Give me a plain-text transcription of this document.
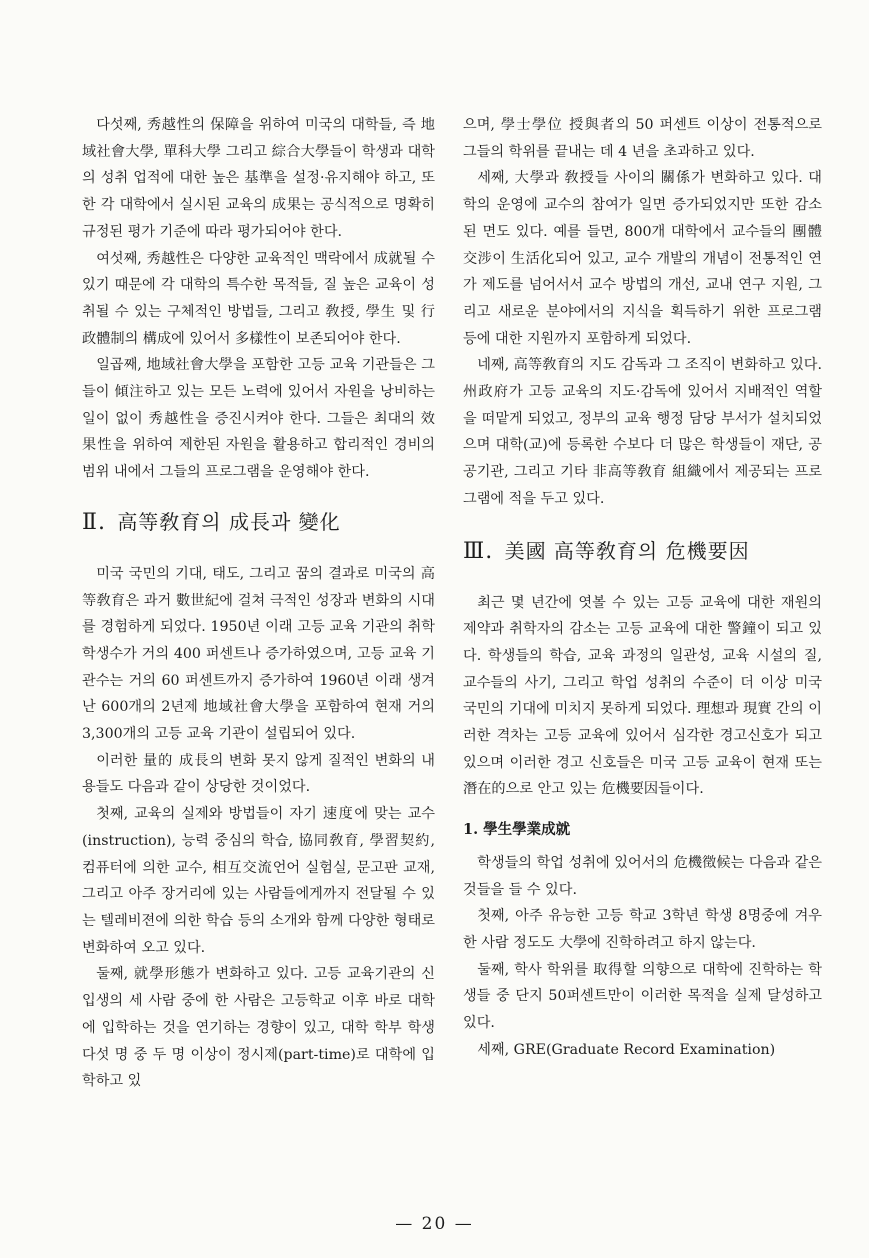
다섯째, 秀越性의 保障을 위하여 미국의 대학들, 즉 地域社會大學, 單科大學 그리고 綜合大學들이 학생과 대학의 성취 업적에 대한 높은 基準을 설정·유지해야 하고, 또한 각 대학에서 실시된 교육의 成果는 공식적으로 명확히 규정된 평가 기준에 따라 평가되어야 한다.

여섯째, 秀越性은 다양한 교육적인 맥락에서 成就될 수 있기 때문에 각 대학의 특수한 목적들, 질 높은 교육이 성취될 수 있는 구체적인 방법들, 그리고 敎授, 學生 및 行政體制의 構成에 있어서 多樣性이 보존되어야 한다.

일곱째, 地域社會大學을 포함한 고등 교육 기관들은 그들이 傾注하고 있는 모든 노력에 있어서 자원을 낭비하는 일이 없이 秀越性을 증진시켜야 한다. 그들은 최대의 效果性을 위하여 제한된 자원을 활용하고 합리적인 경비의 범위 내에서 그들의 프로그램을 운영해야 한다.

Ⅱ. 高等敎育의 成長과 變化

미국 국민의 기대, 태도, 그리고 꿈의 결과로 미국의 高等敎育은 과거 數世紀에 걸쳐 극적인 성장과 변화의 시대를 경험하게 되었다. 1950년 이래 고등 교육 기관의 취학 학생수가 거의 400 퍼센트나 증가하였으며, 고등 교육 기관수는 거의 60 퍼센트까지 증가하여 1960년 이래 생겨난 600개의 2년제 地域社會大學을 포함하여 현재 거의 3,300개의 고등 교육 기관이 설립되어 있다.

이러한 量的 成長의 변화 못지 않게 질적인 변화의 내용들도 다음과 같이 상당한 것이었다.

첫째, 교육의 실제와 방법들이 자기 速度에 맞는 교수(instruction), 능력 중심의 학습, 協同敎育, 學習契約, 컴퓨터에 의한 교수, 相互交流언어 실험실, 문고판 교재, 그리고 아주 장거리에 있는 사람들에게까지 전달될 수 있는 텔레비젼에 의한 학습 등의 소개와 함께 다양한 형태로 변화하여 오고 있다.

둘째, 就學形態가 변화하고 있다. 고등 교육기관의 신입생의 세 사람 중에 한 사람은 고등학교 이후 바로 대학에 입학하는 것을 연기하는 경향이 있고, 대학 학부 학생 다섯 명 중 두 명 이상이 정시제(part-time)로 대학에 입학하고 있

으며, 學士學位 授與者의 50 퍼센트 이상이 전통적으로 그들의 학위를 끝내는 데 4 년을 초과하고 있다.

세째, 大學과 敎授들 사이의 關係가 변화하고 있다. 대학의 운영에 교수의 참여가 일면 증가되었지만 또한 감소된 면도 있다. 예를 들면, 800개 대학에서 교수들의 團體交涉이 生活化되어 있고, 교수 개발의 개념이 전통적인 연가 제도를 넘어서서 교수 방법의 개선, 교내 연구 지원, 그리고 새로운 분야에서의 지식을 획득하기 위한 프로그램 등에 대한 지원까지 포함하게 되었다.

네째, 高等敎育의 지도 감독과 그 조직이 변화하고 있다. 州政府가 고등 교육의 지도·감독에 있어서 지배적인 역할을 떠맡게 되었고, 정부의 교육 행정 담당 부서가 설치되었으며 대학(교)에 등록한 수보다 더 많은 학생들이 재단, 공공기관, 그리고 기타 非高等敎育 組織에서 제공되는 프로그램에 적을 두고 있다.

Ⅲ. 美國 高等敎育의 危機要因

최근 몇 년간에 엿볼 수 있는 고등 교육에 대한 재원의 제약과 취학자의 감소는 고등 교육에 대한 警鐘이 되고 있다. 학생들의 학습, 교육 과정의 일관성, 교육 시설의 질, 교수들의 사기, 그리고 학업 성취의 수준이 더 이상 미국 국민의 기대에 미치지 못하게 되었다. 理想과 現實 간의 이러한 격차는 고등 교육에 있어서 심각한 경고신호가 되고 있으며 이러한 경고 신호들은 미국 고등 교육이 현재 또는 潛在的으로 안고 있는 危機要因들이다.

1. 學生學業成就

학생들의 학업 성취에 있어서의 危機徵候는 다음과 같은 것들을 들 수 있다.

첫째, 아주 유능한 고등 학교 3학년 학생 8명중에 겨우 한 사람 정도도 大學에 진학하려고 하지 않는다.

둘째, 학사 학위를 取得할 의향으로 대학에 진학하는 학생들 중 단지 50퍼센트만이 이러한 목적을 실제 달성하고 있다.

세째, GRE(Graduate Record Examination)

— 20 —
